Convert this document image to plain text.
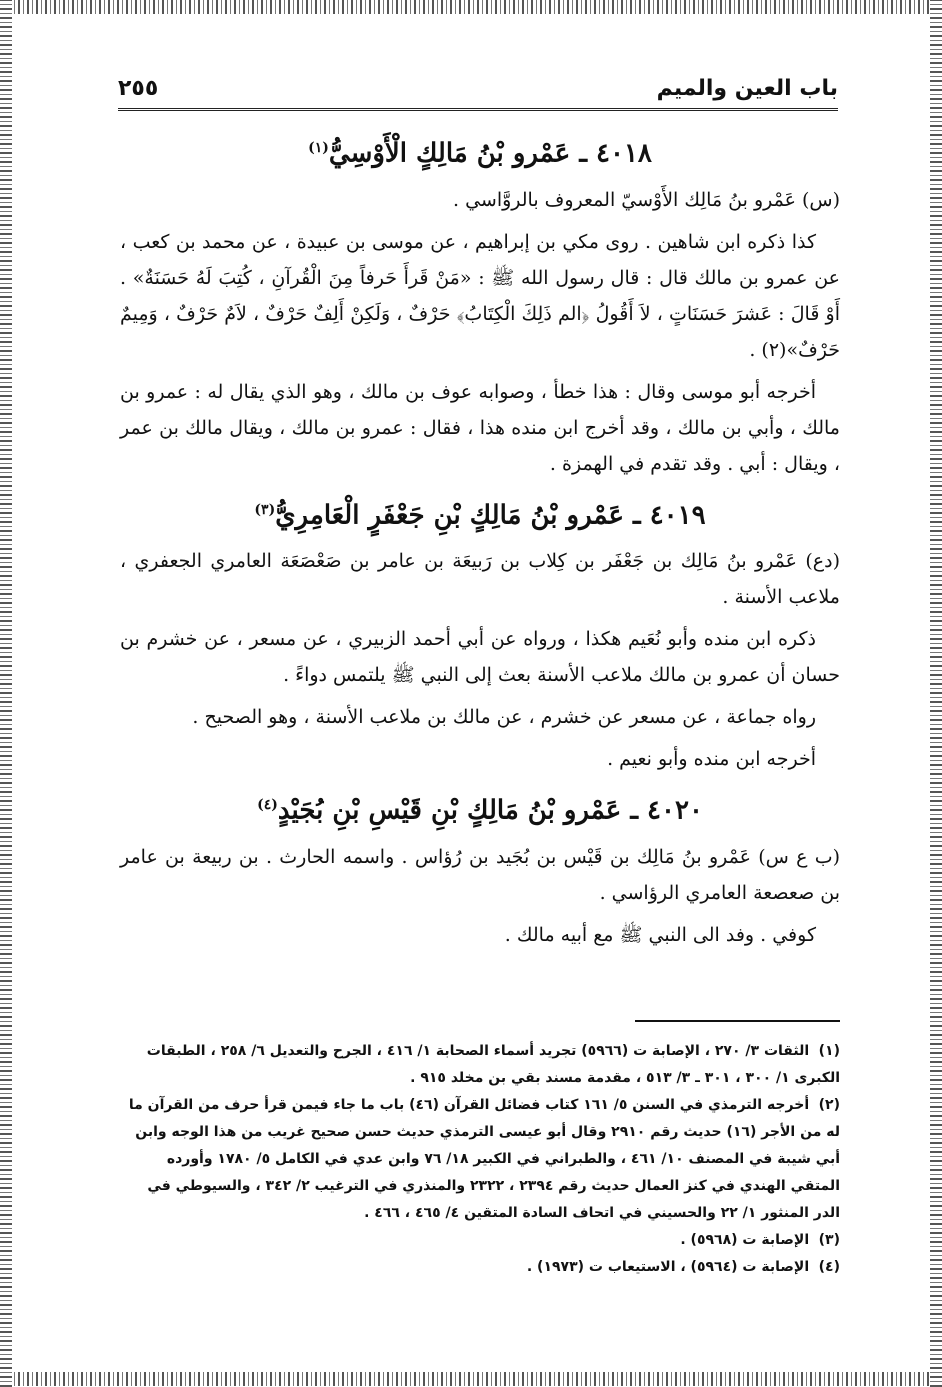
باب العين والميم
٢٥٥
٤٠١٨ ـ عَمْرو بْنُ مَالِكٍ الْأَوْسِيُّ$^{(١)}$

(س) عَمْرو بنُ مَالِك الأَوْسيّ المعروف بالروَّاسي .

كذا ذكره ابن شاهين . روى مكي بن إبراهيم ، عن موسى بن عبيدة ، عن محمد بن كعب ، عن عمرو بن مالك قال : قال رسول الله ﷺ : «مَنْ قَرأَ حَرفاً مِنَ الْقُرآنِ ، كُتِبَ لَهُ حَسَنَةٌ» . أَوْ قَالَ : عَشرَ حَسَنَاتٍ ، لاَ أَقُولُ ﴿الم ذَلِكَ الْكِتَابُ﴾ حَرْفٌ ، وَلَكِنْ أَلِفٌ حَرْفٌ ، لاَمٌ حَرْفٌ ، وَمِيمٌ حَرْفٌ»(٢) .

أخرجه أبو موسى وقال : هذا خطأ ، وصوابه عوف بن مالك ، وهو الذي يقال له : عمرو بن مالك ، وأبي بن مالك ، وقد أخرج ابن منده هذا ، فقال : عمرو بن مالك ، ويقال مالك بن عمر ، ويقال : أبي . وقد تقدم في الهمزة .

٤٠١٩ ـ عَمْرو بْنُ مَالِكٍ بْنِ جَعْفَرٍ الْعَامِرِيُّ$^{(٣)}$

(دع) عَمْرو بنُ مَالِك بن جَعْفَر بن كِلاب بن رَبيعَة بن عامر بن صَعْصَعَة العامري الجعفري ، ملاعب الأسنة .

ذكره ابن منده وأبو نُعَيم هكذا ، ورواه عن أبي أحمد الزبيري ، عن مسعر ، عن خشرم بن حسان أن عمرو بن مالك ملاعب الأسنة بعث إلى النبي ﷺ يلتمس دواءً .

رواه جماعة ، عن مسعر عن خشرم ، عن مالك بن ملاعب الأسنة ، وهو الصحيح .

أخرجه ابن منده وأبو نعيم .

٤٠٢٠ ـ عَمْرو بْنُ مَالِكٍ بْنِ قَيْسِ بْنِ بُجَيْدٍ$^{(٤)}$

(ب ع س) عَمْرو بنُ مَالِك بن قَيْس بن بُجَيد بن رُؤاس . واسمه الحارث . بن ربيعة بن عامر بن صعصعة العامري الرؤاسي .

كوفي . وفد الى النبي ﷺ مع أبيه مالك .

(١) الثقات ٣/ ٢٧٠ ، الإصابة ت (٥٩٦٦) تجريد أسماء الصحابة ١/ ٤١٦ ، الجرح والتعديل ٦/ ٢٥٨ ، الطبقات الكبرى ١/ ٣٠٠ ، ٣٠١ ـ ٣/ ٥١٣ ، مقدمة مسند بقي بن مخلد ٩١٥ .

(٢) أخرجه الترمذي في السنن ٥/ ١٦١ كتاب فضائل القرآن (٤٦) باب ما جاء فيمن قرأ حرف من القرآن ما له من الأجر (١٦) حديث رقم ٢٩١٠ وقال أبو عيسى الترمذي حديث حسن صحيح غريب من هذا الوجه وابن أبي شيبة في المصنف ١٠/ ٤٦١ ، والطبراني في الكبير ١٨/ ٧٦ وابن عدي في الكامل ٥/ ١٧٨٠ وأورده المتقي الهندي في كنز العمال حديث رقم ٢٣٩٤ ، ٢٣٢٢ والمنذري في الترغيب ٢/ ٣٤٢ ، والسيوطي في الدر المنثور ١/ ٢٢ والحسيني في اتحاف السادة المتقين ٤/ ٤٦٥ ، ٤٦٦ .

(٣) الإصابة ت (٥٩٦٨) .

(٤) الإصابة ت (٥٩٦٤) ، الاستيعاب ت (١٩٧٣) .
